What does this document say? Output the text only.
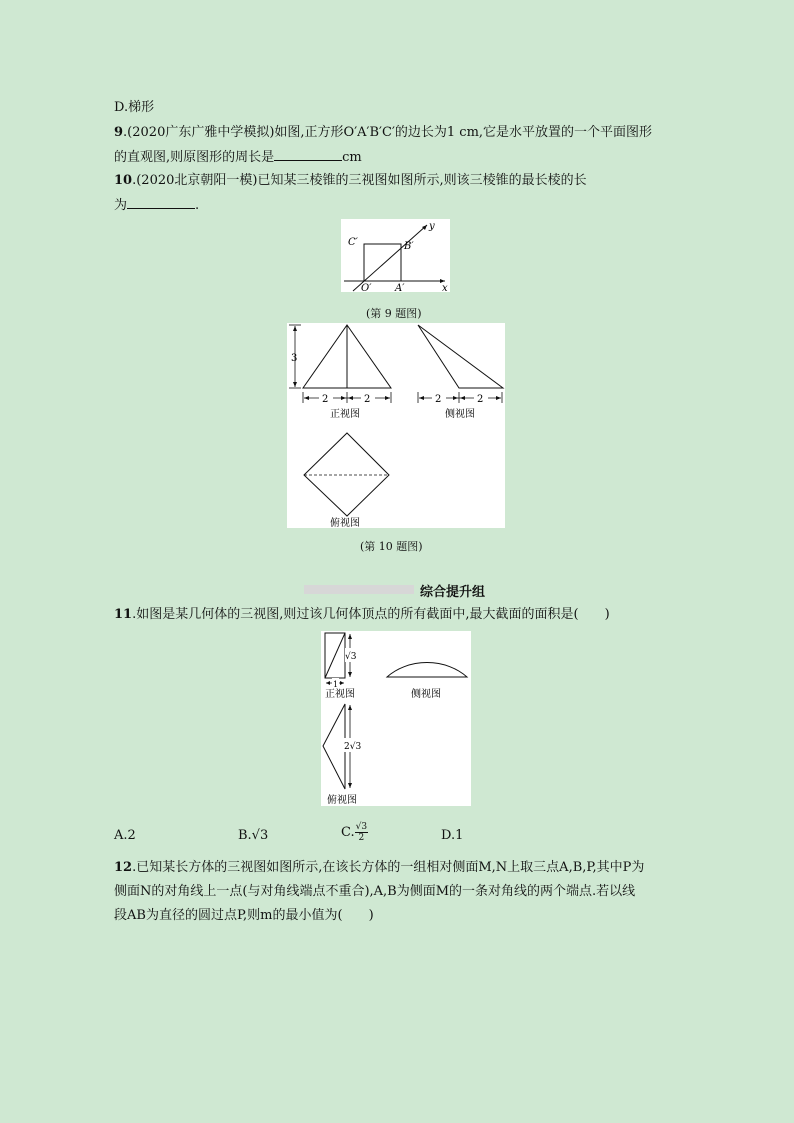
D.梯形
9.(2020广东广雅中学模拟)如图,正方形O′A′B′C′的边长为1 cm,它是水平放置的一个平面图形
的直观图,则原图形的周长是	cm
10.(2020北京朝阳一模)已知某三棱锥的三视图如图所示,则该三棱锥的最长棱的长
为	.
C′	B′
O′ A′	x
y
(第 9 题图)
3
2	2
正视图
2	2
侧视图
俯视图
(第 10 题图)
综合提升组
11.如图是某几何体的三视图,则过该几何体顶点的所有截面中,最大截面的面积是(　　)
√3
1
正视图	侧视图
2√3
俯视图
A.2	B.√3	C. $\frac{√3}{2}$	D.1
12.已知某长方体的三视图如图所示,在该长方体的一组相对侧面M,N上取三点A,B,P,其中P为
侧面N的对角线上一点(与对角线端点不重合),A,B为侧面M的一条对角线的两个端点.若以线
段AB为直径的圆过点P,则m的最小值为(　　)
